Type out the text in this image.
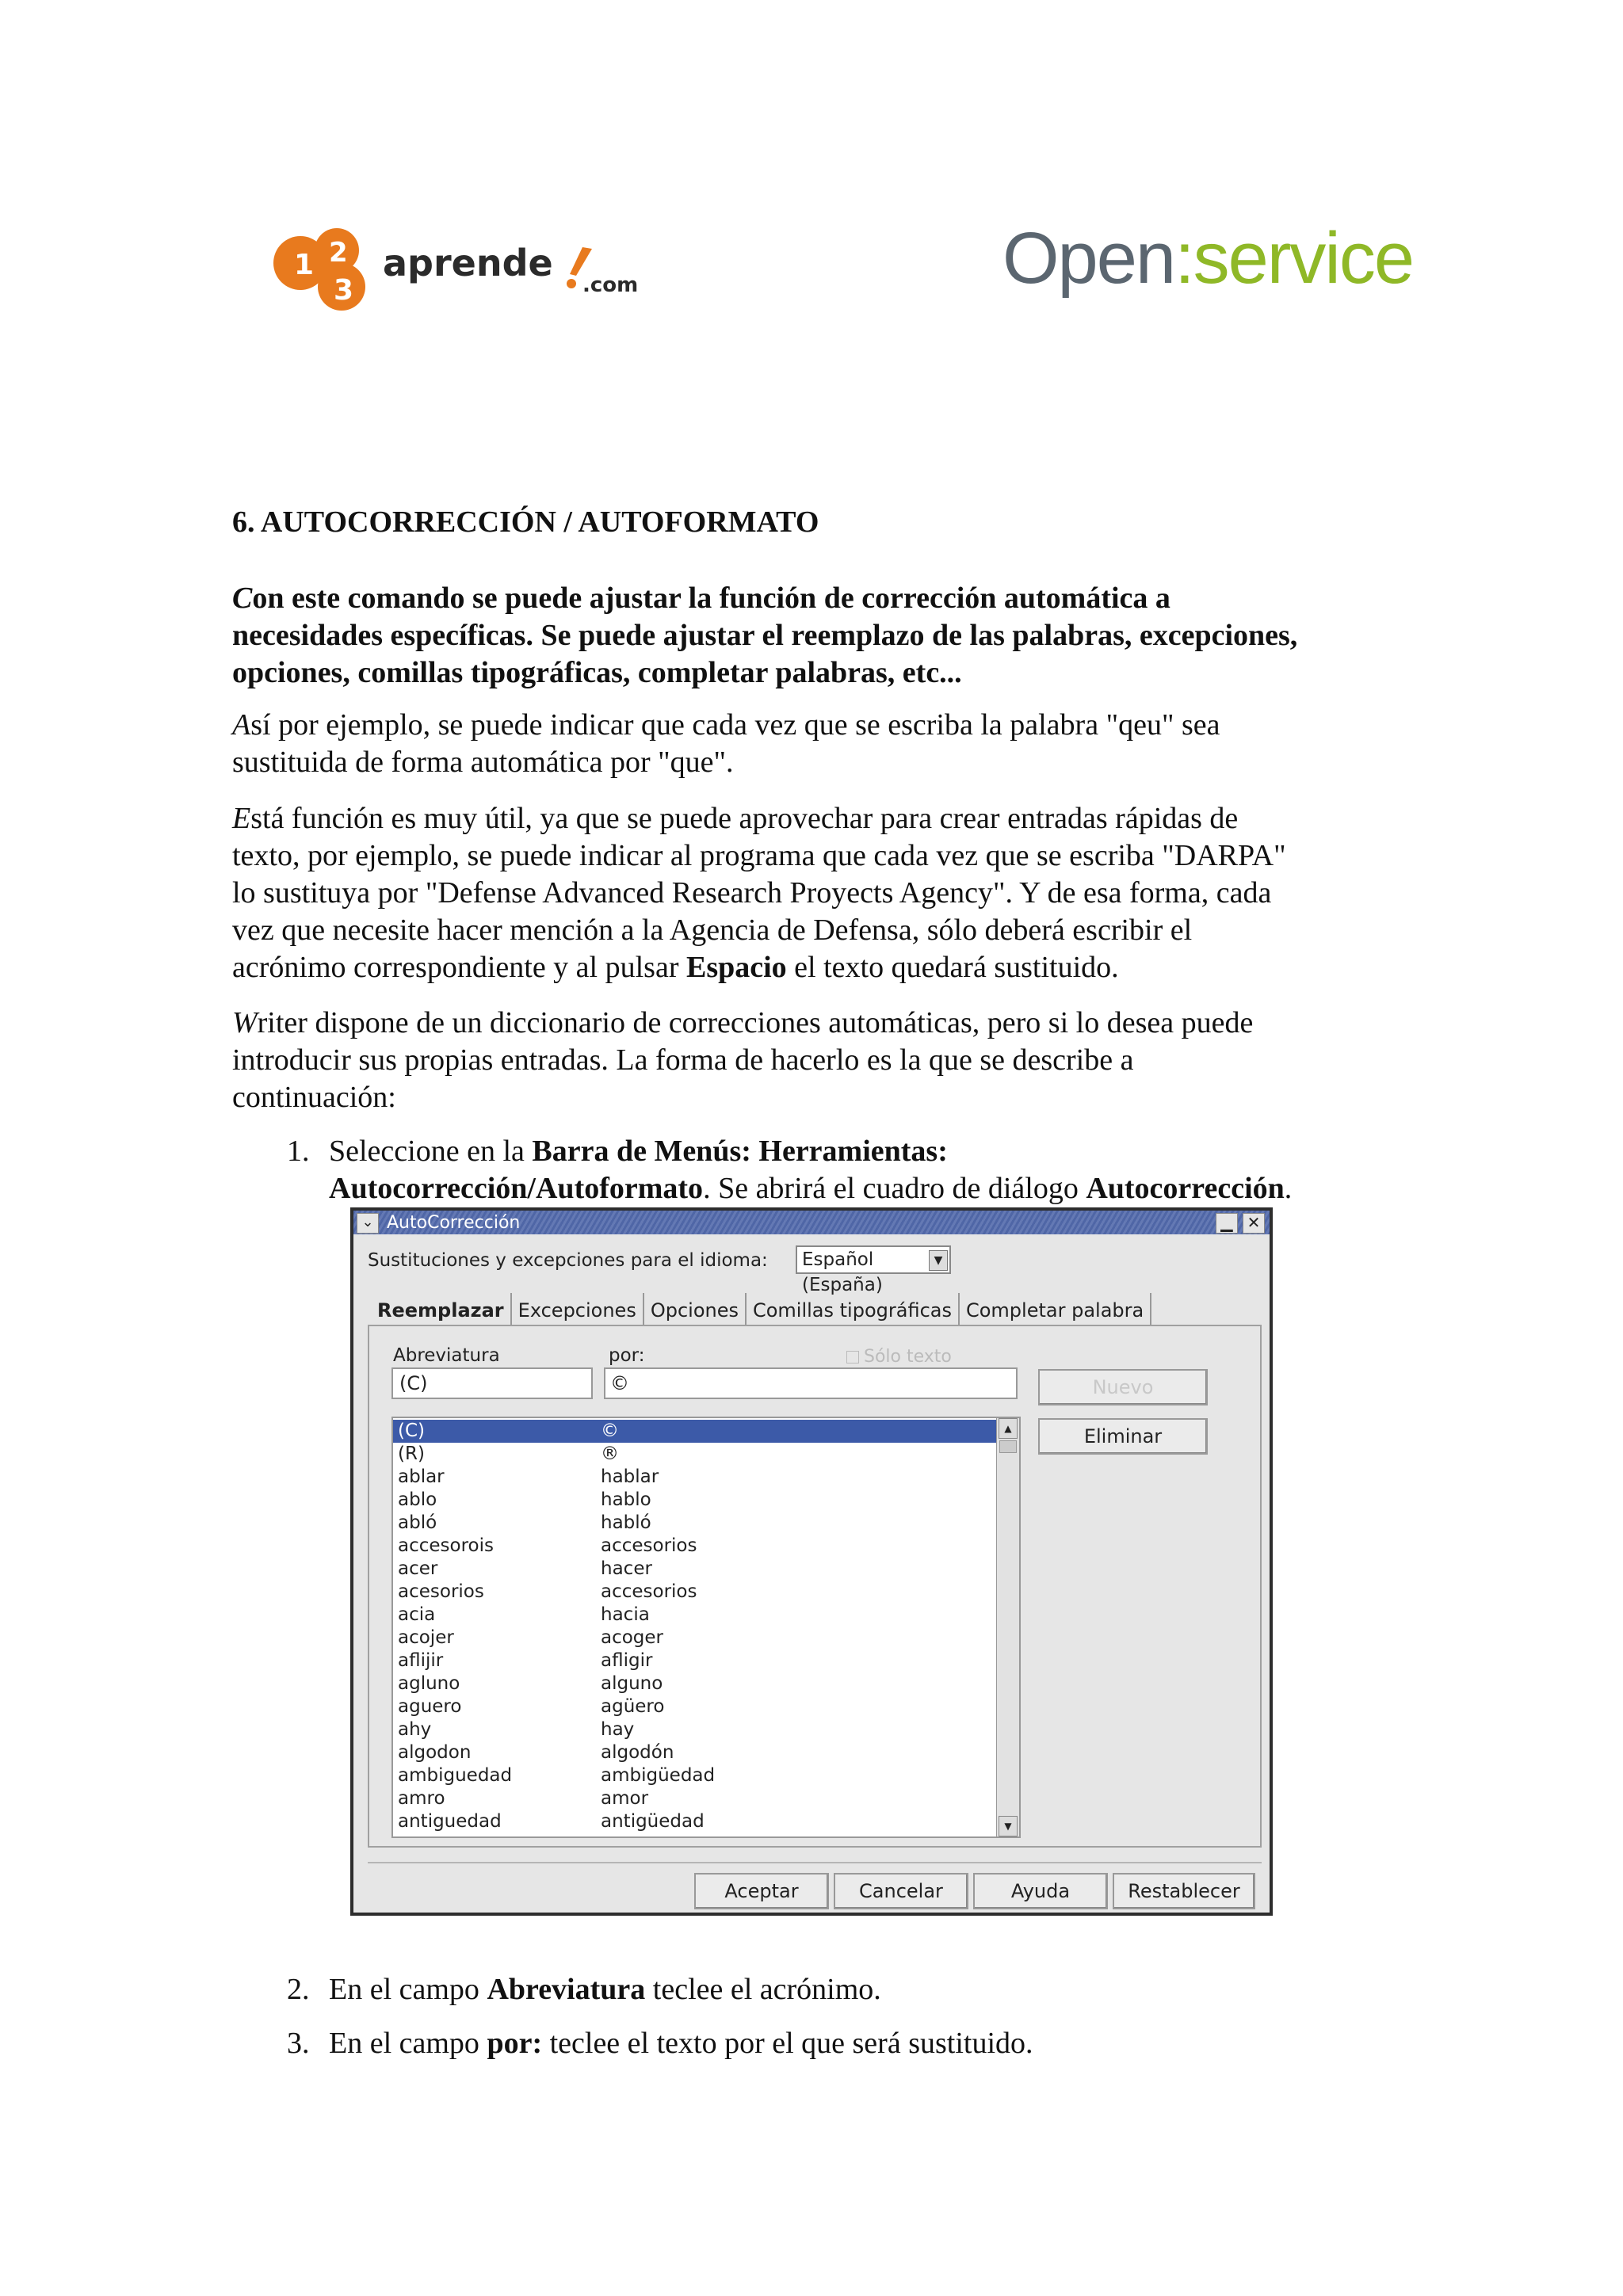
1 2
3
aprende
.com	Open:service
6. AUTOCORRECCIÓN / AUTOFORMATO
Con este comando se puede ajustar la función de corrección automática a
necesidades específicas. Se puede ajustar el reemplazo de las palabras, excepciones,
opciones, comillas tipográficas, completar palabras, etc...
Así por ejemplo, se puede indicar que cada vez que se escriba la palabra "qeu" sea
sustituida de forma automática por "que".
Está función es muy útil, ya que se puede aprovechar para crear entradas rápidas de
texto, por ejemplo, se puede indicar al programa que cada vez que se escriba "DARPA"
lo sustituya por "Defense Advanced Research Proyects Agency". Y de esa forma, cada
vez que necesite hacer mención a la Agencia de Defensa, sólo deberá escribir el
acrónimo correspondiente y al pulsar Espacio el texto quedará sustituido.
Writer dispone de un diccionario de correcciones automáticas, pero si lo desea puede
introducir sus propias entradas. La forma de hacerlo es la que se describe a
continuación:
1. Seleccione en la Barra de Menús: Herramientas:
Autocorrección/Autoformato. Se abrirá el cuadro de diálogo Autocorrección.
⌄ AutoCorrección	▁ ✕
Sustituciones y excepciones para el idioma:	Español (España)
▼
Reemplazar Excepciones Opciones Comillas tipográficas Completar palabra
Abreviatura	por:	Sólo texto
(C)	©	Nuevo
Eliminar
antiguedad	antigüedad
amro	amor
ambiguedad	ambigüedad
algodon	algodón
ahy	hay
aguero	agüero
agluno	alguno
aflijir	afligir
acojer	acoger
acia	hacia
acesorios	accesorios
acer	hacer
accesorois	accesorios
abló	habló
ablo	hablo
ablar	hablar
(R)	®
(C)	©	▲
▼
Aceptar	Cancelar	Ayuda	Restablecer
2. En el campo Abreviatura teclee el acrónimo.
3. En el campo por: teclee el texto por el que será sustituido.
